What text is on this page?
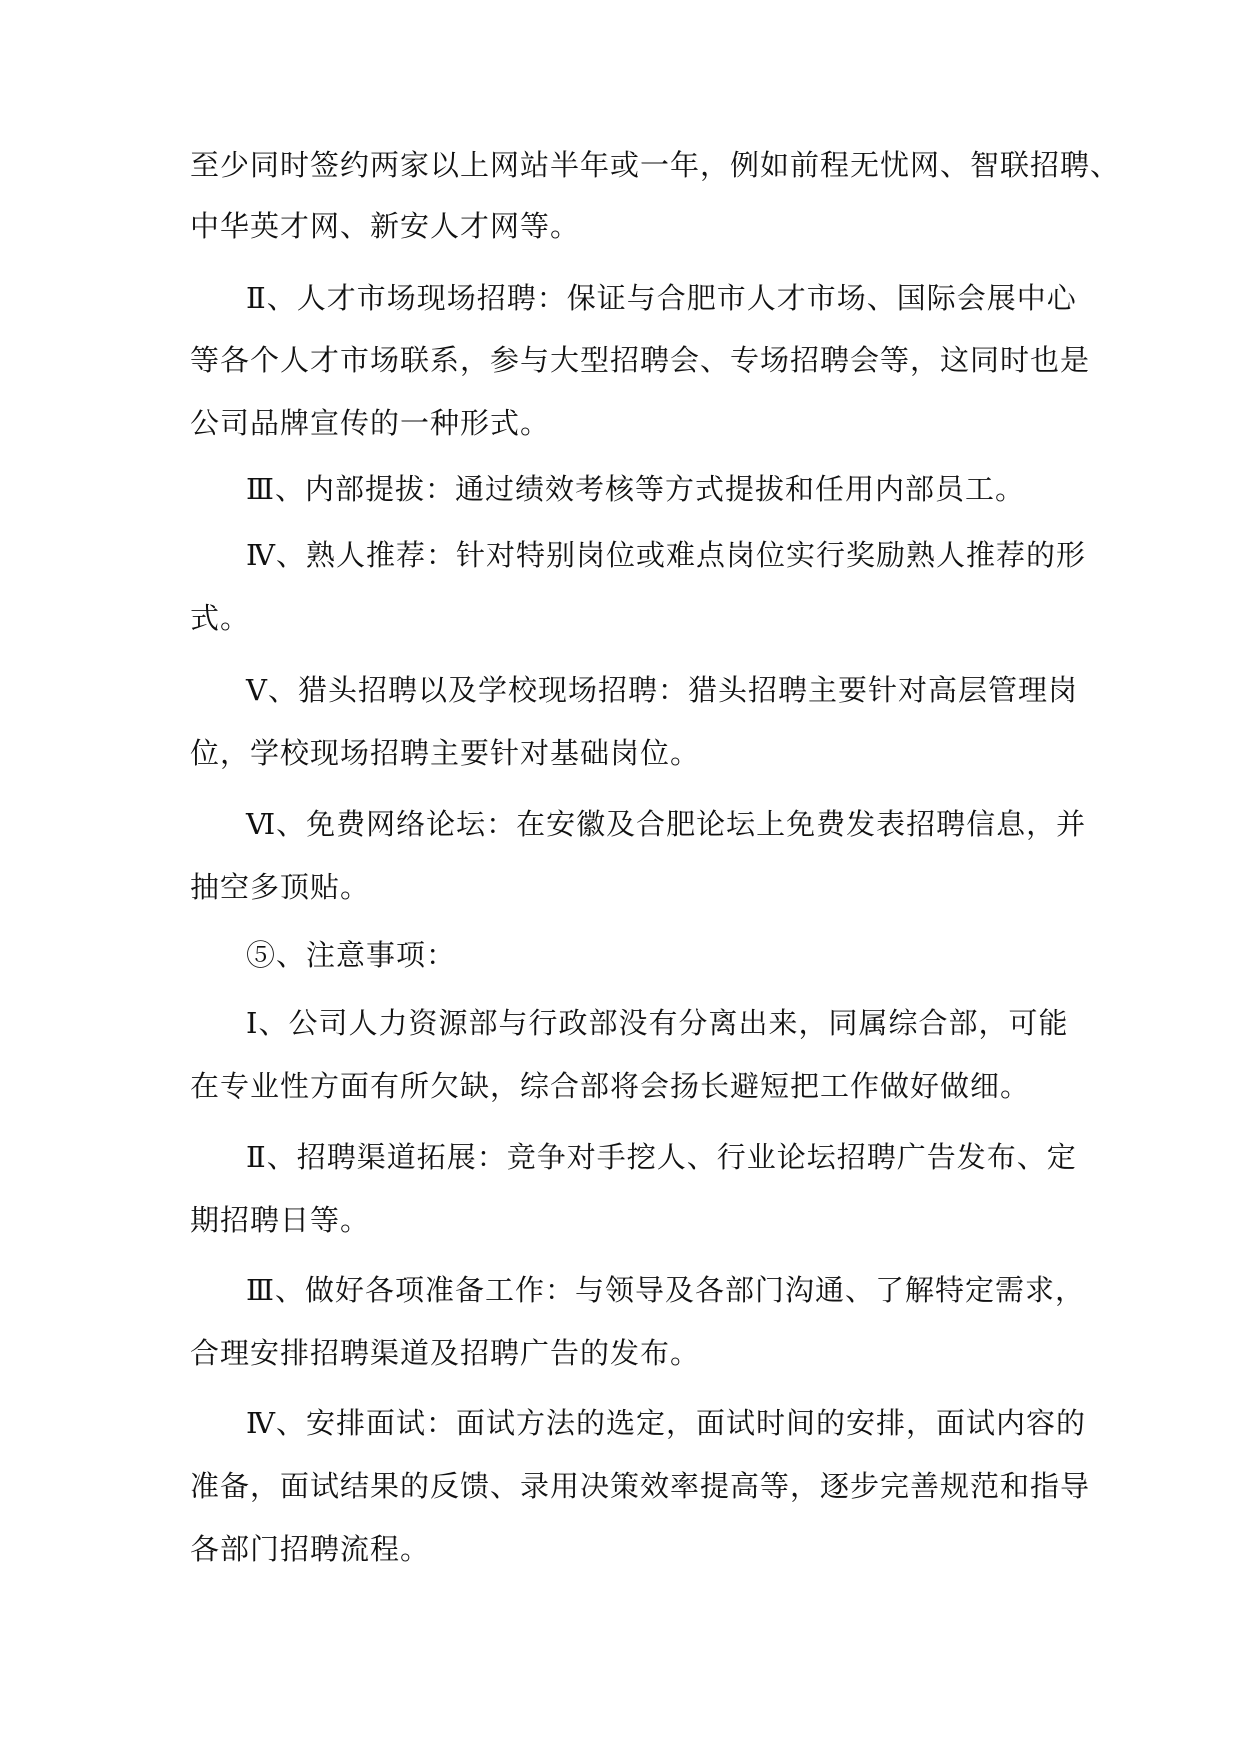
至少同时签约两家以上网站半年或一年，例如前程无忧网、智联招聘、
中华英才网、新安人才网等。
Ⅱ、人才市场现场招聘：保证与合肥市人才市场、国际会展中心
等各个人才市场联系，参与大型招聘会、专场招聘会等，这同时也是
公司品牌宣传的一种形式。
Ⅲ、内部提拔：通过绩效考核等方式提拔和任用内部员工。
Ⅳ、熟人推荐：针对特别岗位或难点岗位实行奖励熟人推荐的形
式。
Ⅴ、猎头招聘以及学校现场招聘：猎头招聘主要针对高层管理岗
位，学校现场招聘主要针对基础岗位。
Ⅵ、免费网络论坛：在安徽及合肥论坛上免费发表招聘信息，并
抽空多顶贴。
⑤、注意事项：
Ⅰ、公司人力资源部与行政部没有分离出来，同属综合部，可能
在专业性方面有所欠缺，综合部将会扬长避短把工作做好做细。
Ⅱ、招聘渠道拓展：竞争对手挖人、行业论坛招聘广告发布、定
期招聘日等。
Ⅲ、做好各项准备工作：与领导及各部门沟通、了解特定需求，
合理安排招聘渠道及招聘广告的发布。
Ⅳ、安排面试：面试方法的选定，面试时间的安排，面试内容的
准备，面试结果的反馈、录用决策效率提高等，逐步完善规范和指导
各部门招聘流程。
